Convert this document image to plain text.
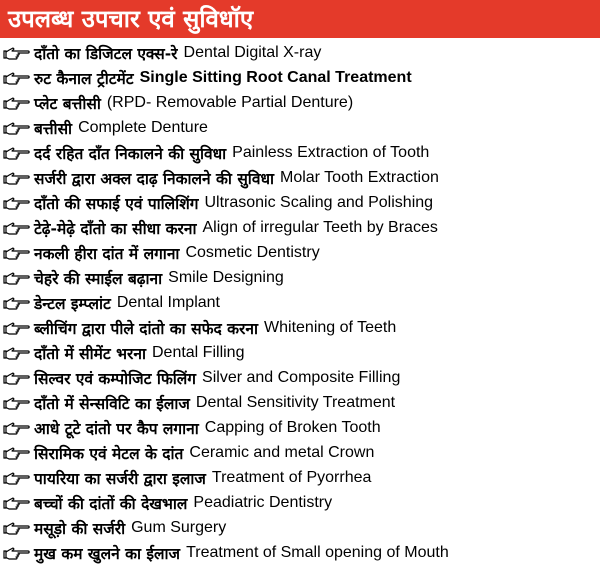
उपलब्ध उपचार एवं सुविधॉए
दाँतो का डिजिटल एक्स-रे Dental Digital X-ray
रुट कैनाल ट्रीटमेंट Single Sitting Root Canal Treatment
प्लेट बत्तीसी (RPD- Removable Partial Denture)
बत्तीसी Complete Denture
दर्द रहित दाँत निकालने की सुविधा Painless Extraction of Tooth
सर्जरी द्वारा अक्ल दाढ़ निकालने की सुविधा Molar Tooth Extraction
दाँतो की सफाई एवं पालिशिंग Ultrasonic Scaling and Polishing
टेढ़े-मेढ़े दाँतो का सीधा करना Align of irregular Teeth by Braces
नकली हीरा दांत में लगाना Cosmetic Dentistry
चेहरे की स्माईल बढ़ाना Smile Designing
डेन्टल इम्प्लांट Dental Implant
ब्लीचिंग द्वारा पीले दांतो का सफेद करना Whitening of Teeth
दाँतो में सीमेंट भरना Dental Filling
सिल्वर एवं कम्पोजिट फिलिंग Silver and Composite Filling
दाँतो में सेन्सविटि का ईलाज Dental Sensitivity Treatment
आधे टूटे दांतो पर कैप लगाना Capping of Broken Tooth
सिरामिक एवं मेटल के दांत Ceramic and metal Crown
पायरिया का सर्जरी द्वारा इलाज Treatment of Pyorrhea
बच्चों की दांतों की देखभाल Peadiatric Dentistry
मसूड़ो की सर्जरी Gum Surgery
मुख कम खुलने का ईलाज Treatment of Small opening of Mouth
